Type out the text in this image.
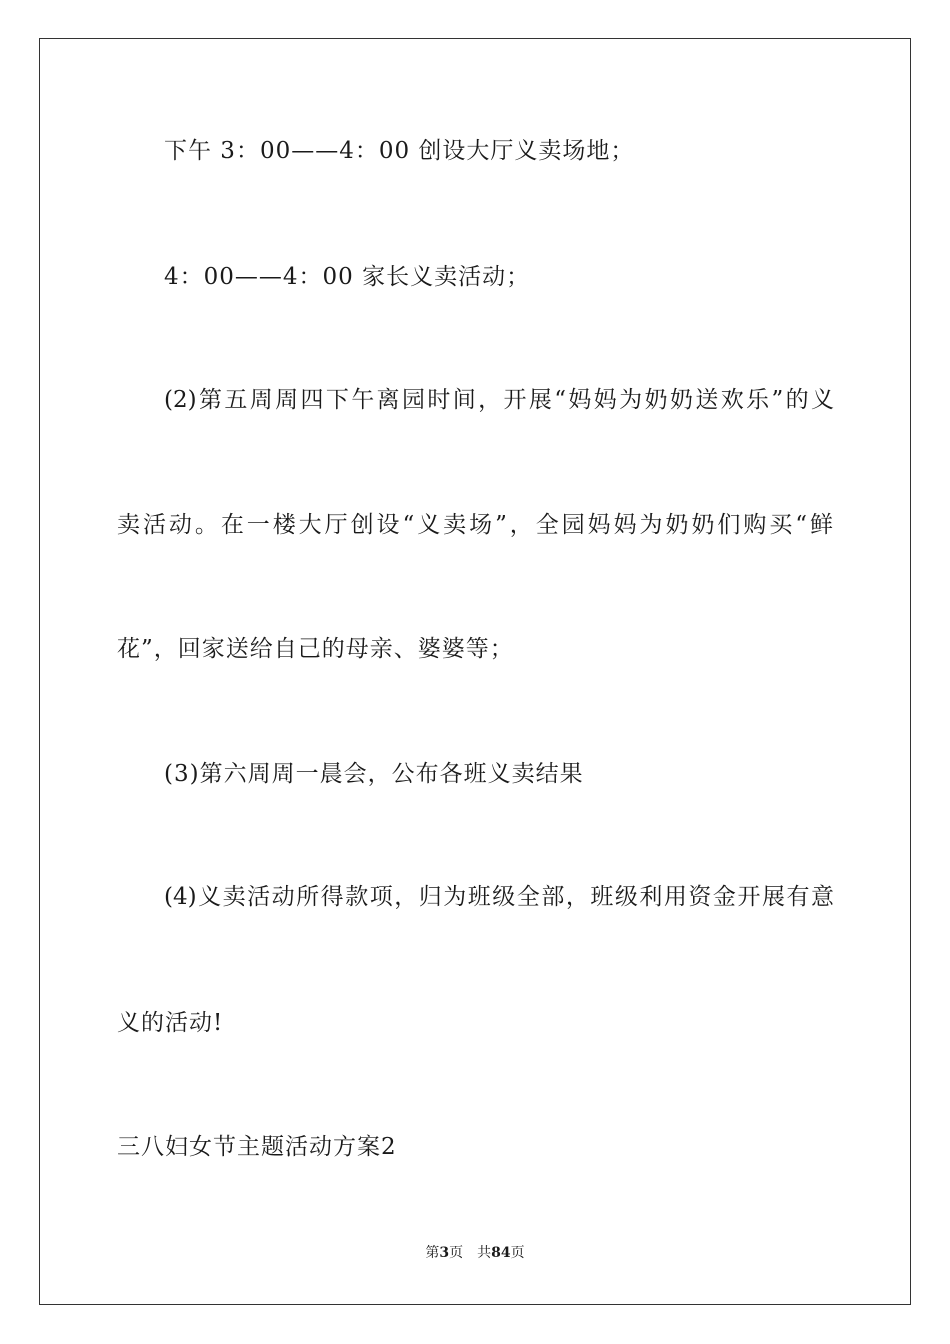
下午 3：00——4：00 创设大厅义卖场地；
4：00——4：00 家长义卖活动；
(2)第五周周四下午离园时间，开展“妈妈为奶奶送欢乐”的义
卖活动。在一楼大厅创设“义卖场”，全园妈妈为奶奶们购买“鲜
花”，回家送给自己的母亲、婆婆等；
(3)第六周周一晨会，公布各班义卖结果
(4)义卖活动所得款项，归为班级全部，班级利用资金开展有意
义的活动!
三八妇女节主题活动方案2
第3页 共84页
